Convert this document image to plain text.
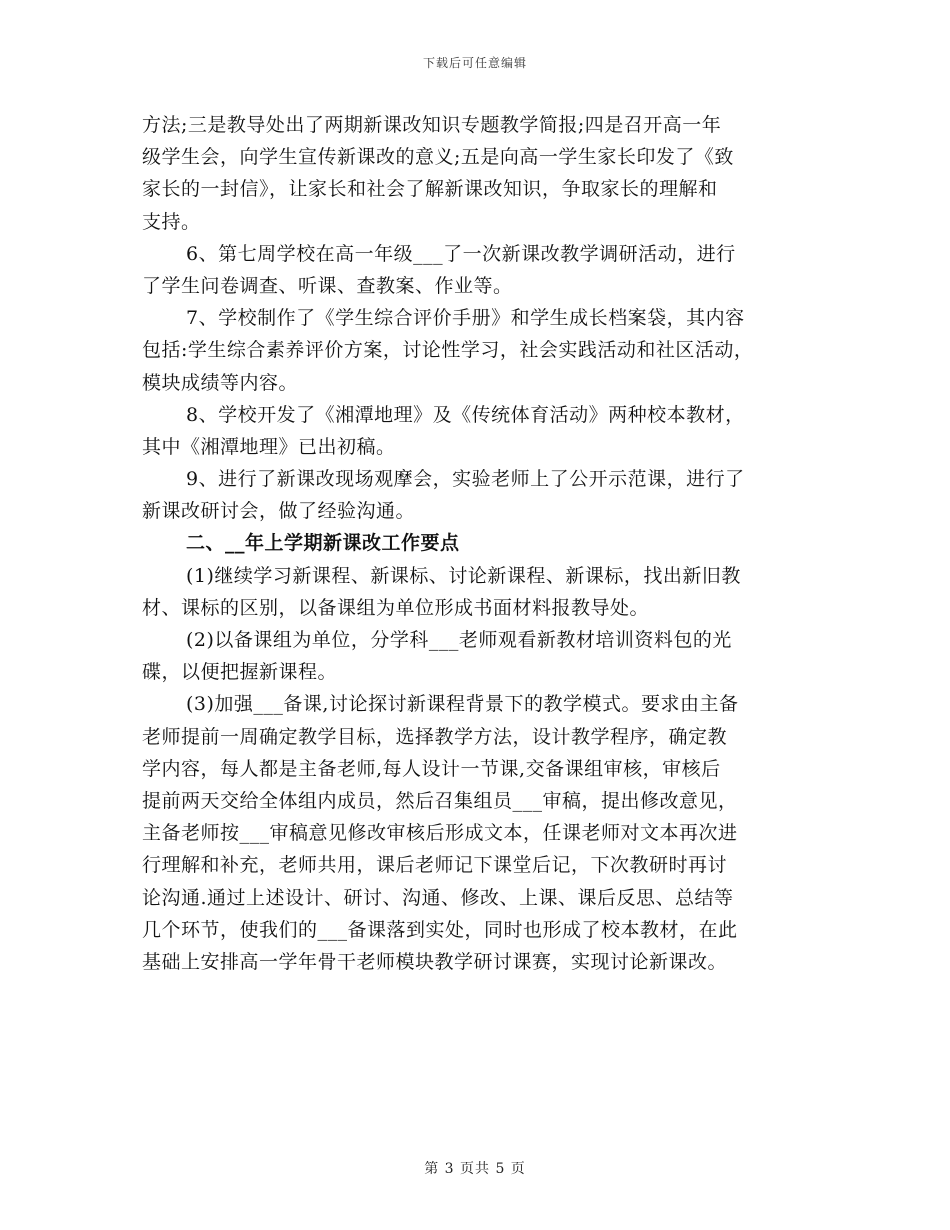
下载后可任意编辑
方法;三是教导处出了两期新课改知识专题教学简报;四是召开高一年
级学生会，向学生宣传新课改的意义;五是向高一学生家长印发了《致
家长的一封信》，让家长和社会了解新课改知识，争取家长的理解和
支持。
6、第七周学校在高一年级___了一次新课改教学调研活动，进行
了学生问卷调查、听课、查教案、作业等。
7、学校制作了《学生综合评价手册》和学生成长档案袋，其内容
包括:学生综合素养评价方案，讨论性学习，社会实践活动和社区活动，
模块成绩等内容。
8、学校开发了《湘潭地理》及《传统体育活动》两种校本教材，
其中《湘潭地理》已出初稿。
9、进行了新课改现场观摩会，实验老师上了公开示范课，进行了
新课改研讨会，做了经验沟通。
二、__年上学期新课改工作要点
(1)继续学习新课程、新课标、讨论新课程、新课标，找出新旧教
材、课标的区别，以备课组为单位形成书面材料报教导处。
(2)以备课组为单位，分学科___老师观看新教材培训资料包的光
碟，以便把握新课程。
(3)加强___备课,讨论探讨新课程背景下的教学模式。要求由主备
老师提前一周确定教学目标，选择教学方法，设计教学程序，确定教
学内容，每人都是主备老师,每人设计一节课,交备课组审核，审核后
提前两天交给全体组内成员，然后召集组员___审稿，提出修改意见，
主备老师按___审稿意见修改审核后形成文本，任课老师对文本再次进
行理解和补充，老师共用，课后老师记下课堂后记，下次教研时再讨
论沟通.通过上述设计、研讨、沟通、修改、上课、课后反思、总结等
几个环节，使我们的___备课落到实处，同时也形成了校本教材，在此
基础上安排高一学年骨干老师模块教学研讨课赛，实现讨论新课改。
第 3 页共 5 页
